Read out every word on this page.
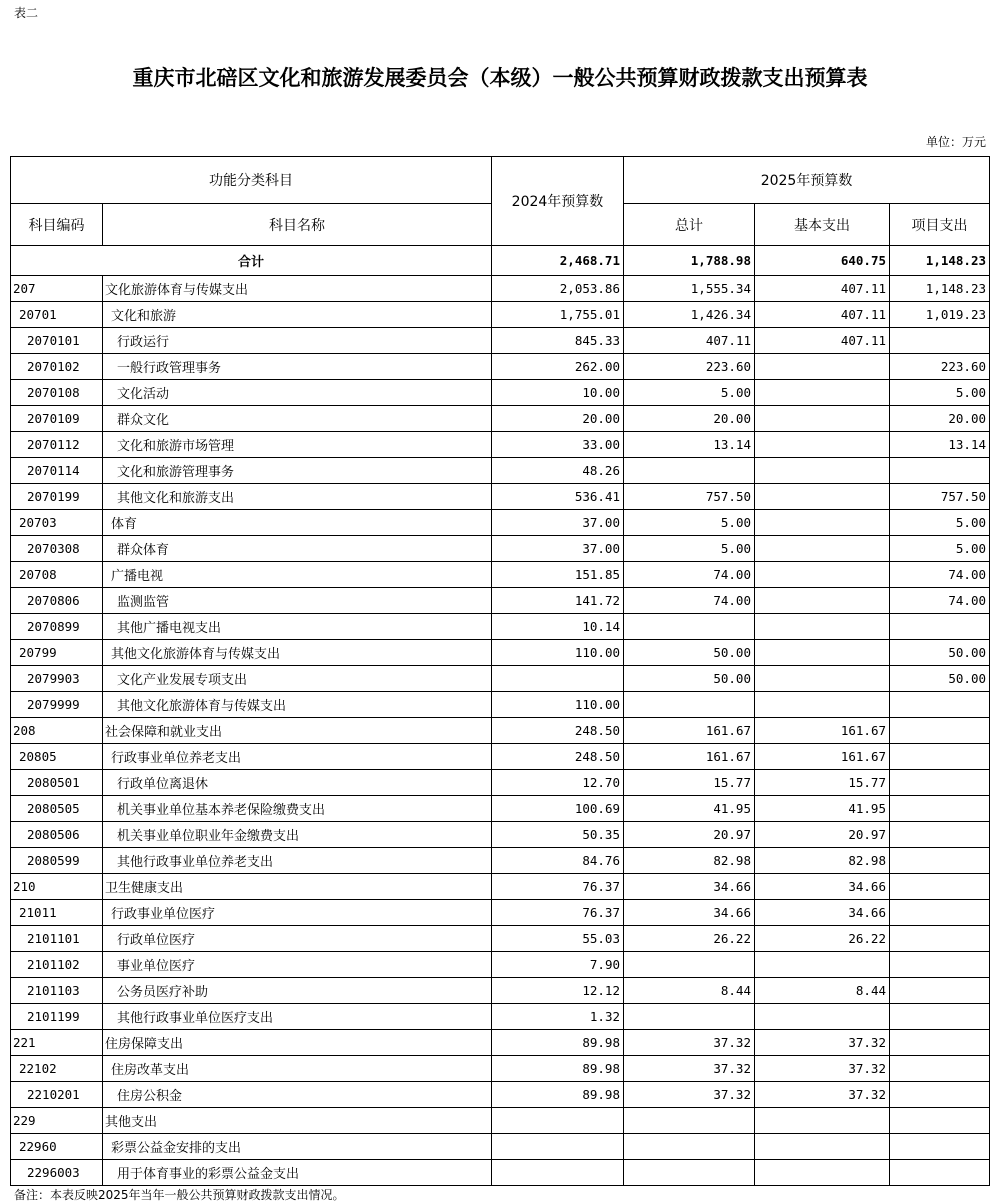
表二
重庆市北碚区文化和旅游发展委员会（本级）一般公共预算财政拨款支出预算表
单位：万元
功能分类科目		2024年预算数	2025年预算数		
科目编码	科目名称		总计	基本支出	项目支出
合计		2,468.71	1,788.98	640.75	1,148.23
207	文化旅游体育与传媒支出	2,053.86	1,555.34	407.11	1,148.23
20701	文化和旅游	1,755.01	1,426.34	407.11	1,019.23
2070101	行政运行	845.33	407.11	407.11	
2070102	一般行政管理事务	262.00	223.60		223.60
2070108	文化活动	10.00	5.00		5.00
2070109	群众文化	20.00	20.00		20.00
2070112	文化和旅游市场管理	33.00	13.14		13.14
2070114	文化和旅游管理事务	48.26			
2070199	其他文化和旅游支出	536.41	757.50		757.50
20703	体育	37.00	5.00		5.00
2070308	群众体育	37.00	5.00		5.00
20708	广播电视	151.85	74.00		74.00
2070806	监测监管	141.72	74.00		74.00
2070899	其他广播电视支出	10.14			
20799	其他文化旅游体育与传媒支出	110.00	50.00		50.00
2079903	文化产业发展专项支出		50.00		50.00
2079999	其他文化旅游体育与传媒支出	110.00			
208	社会保障和就业支出	248.50	161.67	161.67	
20805	行政事业单位养老支出	248.50	161.67	161.67	
2080501	行政单位离退休	12.70	15.77	15.77	
2080505	机关事业单位基本养老保险缴费支出	100.69	41.95	41.95	
2080506	机关事业单位职业年金缴费支出	50.35	20.97	20.97	
2080599	其他行政事业单位养老支出	84.76	82.98	82.98	
210	卫生健康支出	76.37	34.66	34.66	
21011	行政事业单位医疗	76.37	34.66	34.66	
2101101	行政单位医疗	55.03	26.22	26.22	
2101102	事业单位医疗	7.90			
2101103	公务员医疗补助	12.12	8.44	8.44	
2101199	其他行政事业单位医疗支出	1.32			
221	住房保障支出	89.98	37.32	37.32	
22102	住房改革支出	89.98	37.32	37.32	
2210201	住房公积金	89.98	37.32	37.32	
229	其他支出				
22960	彩票公益金安排的支出				
2296003	用于体育事业的彩票公益金支出				
备注：本表反映2025年当年一般公共预算财政拨款支出情况。
